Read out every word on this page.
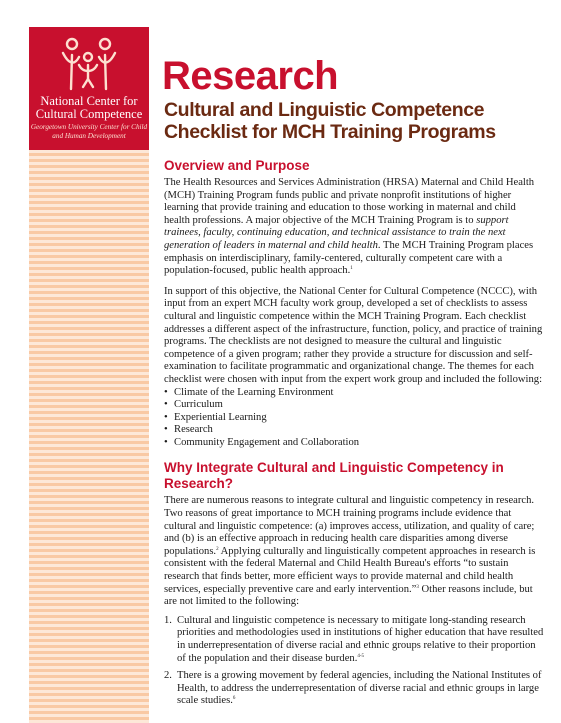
National Center for Cultural Competence
Georgetown University Center for Child and Human Development
Research
Cultural and Linguistic Competence Checklist for MCH Training Programs
Overview and Purpose

The Health Resources and Services Administration (HRSA) Maternal and Child Health (MCH) Training Program funds public and private nonprofit institutions of higher learning that provide training and education to those working in maternal and child health professions. A major objective of the MCH Training Program is to support trainees, faculty, continuing education, and technical assistance to train the next generation of leaders in maternal and child health. The MCH Training Program places emphasis on interdisciplinary, family-centered, culturally competent care with a population-focused, public health approach.$^1$

In support of this objective, the National Center for Cultural Competence (NCCC), with input from an expert MCH faculty work group, developed a set of checklists to assess cultural and linguistic competence within the MCH Training Program. Each checklist addresses a different aspect of the infrastructure, function, policy, and practice of training programs. The checklists are not designed to measure the cultural and linguistic competence of a given program; rather they provide a structure for discussion and self-examination to facilitate programmatic and organizational change. The themes for each checklist were chosen with input from the expert work group and included the following:

• Climate of the Learning Environment
• Curriculum
• Experiential Learning
• Research
• Community Engagement and Collaboration
Why Integrate Cultural and Linguistic Competency in Research?

There are numerous reasons to integrate cultural and linguistic competency in research. Two reasons of great importance to MCH training programs include evidence that cultural and linguistic competence: (a) improves access, utilization, and quality of care; and (b) is an effective approach in reducing health care disparities among diverse populations.$^2$ Applying culturally and linguistically competent approaches in research is consistent with the federal Maternal and Child Health Bureau's efforts “to sustain research that finds better, more efficient ways to provide maternal and child health services, especially preventive care and early intervention.”$^3$ Other reasons include, but are not limited to the following:

1. Cultural and linguistic competence is necessary to mitigate long-standing research priorities and methodologies used in institutions of higher education that have resulted in underrepresentation of diverse racial and ethnic groups relative to their proportion of the population and their disease burden.$^{4-5}$
2. There is a growing movement by federal agencies, including the National Institutes of Health, to address the underrepresentation of diverse racial and ethnic groups in large scale studies.$^6$
